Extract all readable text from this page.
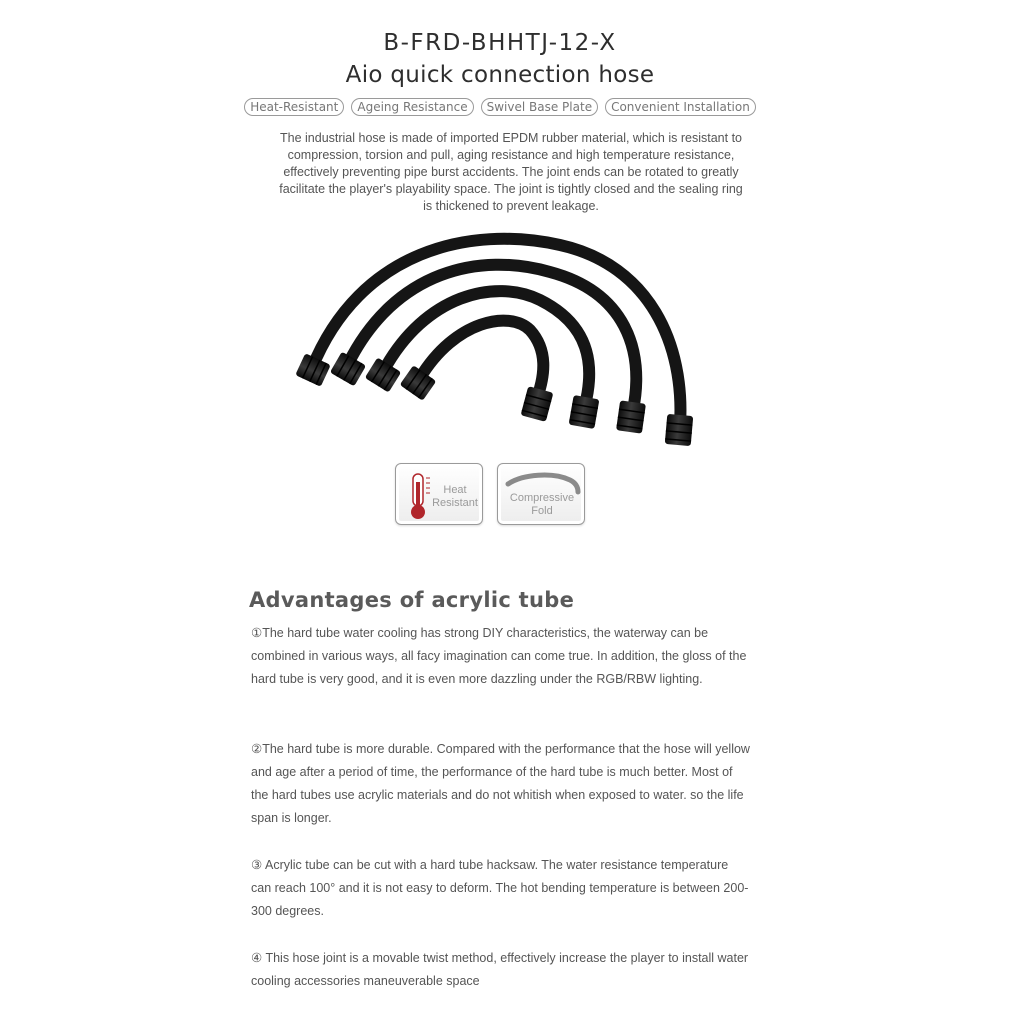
B-FRD-BHHTJ-12-X
Aio quick connection hose
Heat-Resistant	Ageing Resistance	Swivel Base Plate	Convenient Installation

The industrial hose is made of imported EPDM rubber material, which is resistant to compression, torsion and pull, aging resistance and high temperature resistance, effectively preventing pipe burst accidents. The joint ends can be rotated to greatly facilitate the player's playability space. The joint is tightly closed and the sealing ring is thickened to prevent leakage.

Heat Resistant	Compressive Fold
Advantages of acrylic tube

①The hard tube water cooling has strong DIY characteristics, the waterway can be combined in various ways, all facy imagination can come true. In addition, the gloss of the hard tube is very good, and it is even more dazzling under the RGB/RBW lighting.

②The hard tube is more durable. Compared with the performance that the hose will yellow and age after a period of time, the performance of the hard tube is much better. Most of the hard tubes use acrylic materials and do not whitish when exposed to water. so the life span is longer.

③ Acrylic tube can be cut with a hard tube hacksaw. The water resistance temperature can reach 100° and it is not easy to deform. The hot bending temperature is between 200-300 degrees.

④ This hose joint is a movable twist method, effectively increase the player to install water cooling accessories maneuverable space
